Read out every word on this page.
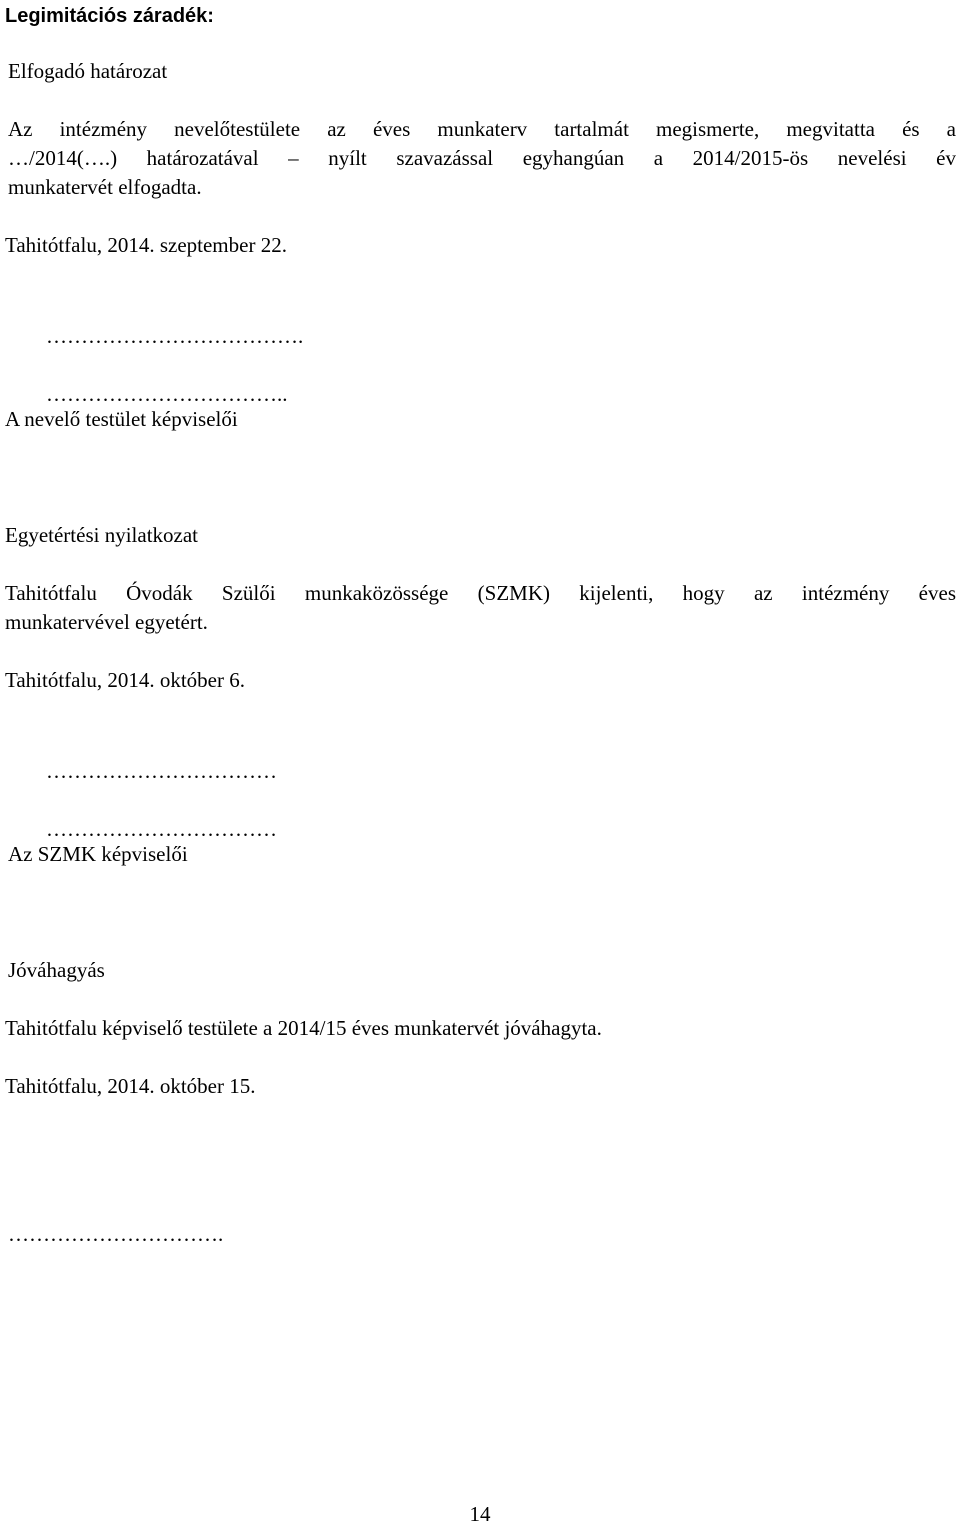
Legimitációs záradék:
Elfogadó határozat
Az intézmény nevelőtestülete az éves munkaterv tartalmát megismerte, megvitatta és a
…/2014(….) határozatával – nyílt szavazással egyhangúan a 2014/2015-ös nevelési év
munkatervét elfogadta.
Tahitótfalu, 2014. szeptember 22.
……………………………….
……………………………..
A nevelő testület képviselői
Egyetértési nyilatkozat
Tahitótfalu Óvodák Szülői munkaközössége (SZMK) kijelenti, hogy az intézmény éves
munkatervével egyetért.
Tahitótfalu, 2014. október 6.
……………………………
……………………………
Az SZMK képviselői
Jóváhagyás
Tahitótfalu képviselő testülete a 2014/15 éves munkatervét jóváhagyta.
Tahitótfalu, 2014. október 15.
………………………….
14
